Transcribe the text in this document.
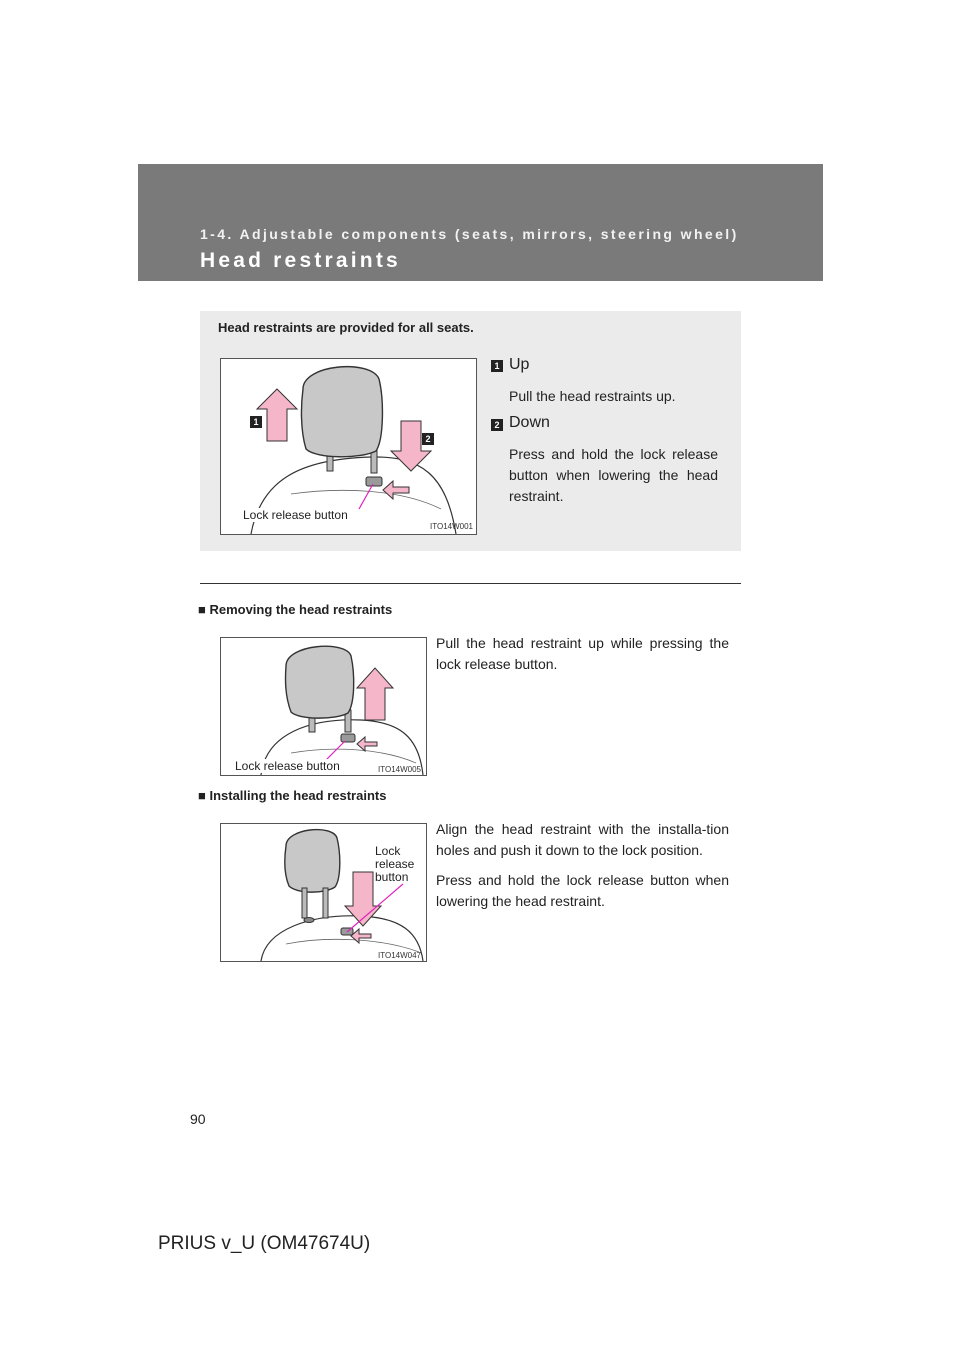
1-4. Adjustable components (seats, mirrors, steering wheel)
Head restraints
Head restraints are provided for all seats.
1
2
Lock release button
ITO14W001
1 Up
Pull the head restraints up.
2 Down
Press and hold the lock release button when lowering the head restraint.
■ Removing the head restraints
Lock release button	ITO14W005
Pull the head restraint up while pressing the lock release button.
■ Installing the head restraints
Lock release button
ITO14W047

Align the head restraint with the installa-tion holes and push it down to the lock position.

Press and hold the lock release button when lowering the head restraint.

90
PRIUS v_U (OM47674U)
